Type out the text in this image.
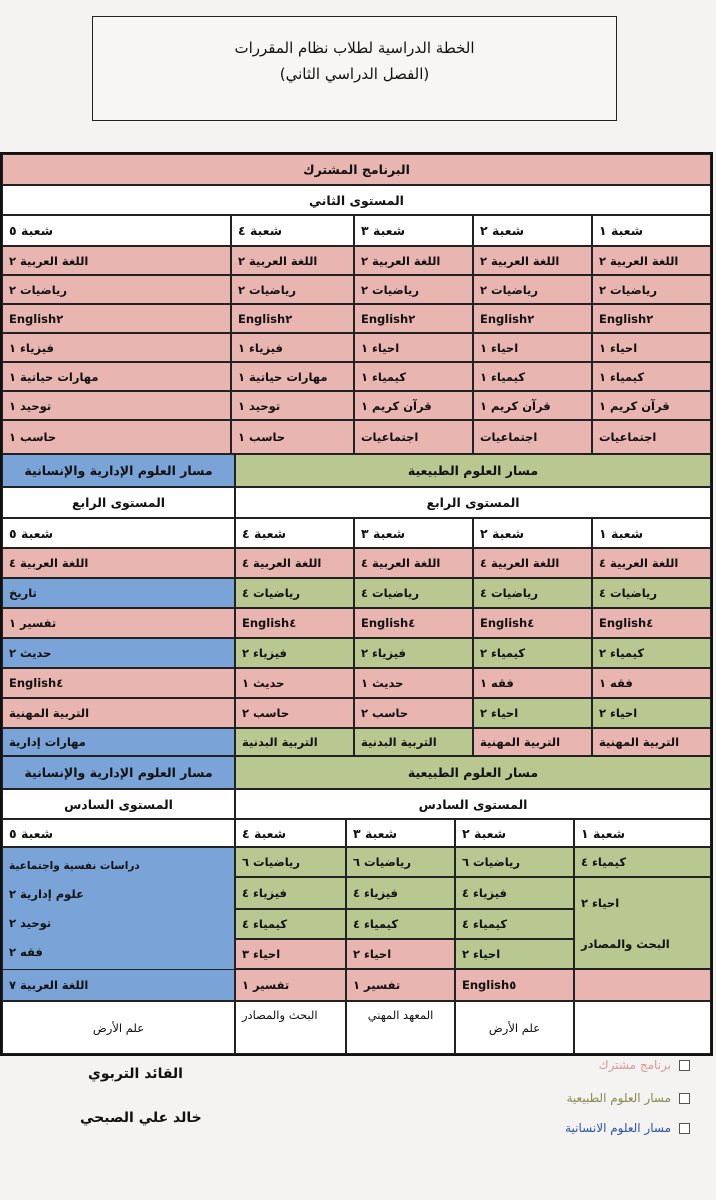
الخطة الدراسية لطلاب نظام المقررات
(الفصل الدراسي الثاني)
البرنامج المشترك
المستوى الثاني
شعبة ١
شعبة ٢
شعبة ٣
شعبة ٤
شعبة ٥
اللغة العربية ٢
اللغة العربية ٢
اللغة العربية ٢
اللغة العربية ٢
اللغة العربية ٢
رياضيات ٢
رياضيات ٢
رياضيات ٢
رياضيات ٢
رياضيات ٢
English٢
English٢
English٢
English٢
English٢
احياء ١
احياء ١
احياء ١
فيزياء ١
فيزياء ١
كيمياء ١
كيمياء ١
كيمياء ١
مهارات حياتية ١
مهارات حياتية ١
قرآن كريم ١
قرآن كريم ١
قرآن كريم ١
توحيد ١
توحيد ١
اجتماعيات
اجتماعيات
اجتماعيات
حاسب ١
حاسب ١
مسار العلوم الطبيعية
مسار العلوم الإدارية والإنسانية
المستوى الرابع
المستوى الرابع
شعبة ١
شعبة ٢
شعبة ٣
شعبة ٤
شعبة ٥
اللغة العربية ٤
اللغة العربية ٤
اللغة العربية ٤
اللغة العربية ٤
اللغة العربية ٤
رياضيات ٤
رياضيات ٤
رياضيات ٤
رياضيات ٤
تاريخ
English٤
English٤
English٤
English٤
تفسير ١
كيمياء ٢
كيمياء ٢
فيزياء ٢
فيزياء ٢
حديث ٢
فقه ١
فقه ١
حديث ١
حديث ١
English٤
احياء ٢
احياء ٢
حاسب ٢
حاسب ٢
التربية المهنية
التربية المهنية
التربية المهنية
التربية البدنية
التربية البدنية
مهارات إدارية
مسار العلوم الطبيعية
مسار العلوم الإدارية والإنسانية
المستوى السادس
المستوى السادس
شعبة ١
شعبة ٢
شعبة ٣
شعبة ٤
شعبة ٥
كيمياء ٤
احياء ٢
البحث والمصادر
رياضيات ٦
رياضيات ٦
رياضيات ٦
فيزياء ٤
فيزياء ٤
فيزياء ٤
كيمياء ٤
كيمياء ٤
كيمياء ٤
احياء ٢
احياء ٢
احياء ٣
English٥
تفسير ١
تفسير ١
دراسات نفسية واجتماعية
علوم إدارية ٢
توحيد ٢
فقه ٢
اللغة العربية ٧
علم الأرض
المعهد المهني
البحث والمصادر
علم الأرض
برنامج مشترك
مسار العلوم الطبيعية
مسار العلوم الانسانية
القائد التربوي
خالد علي الصبحي
